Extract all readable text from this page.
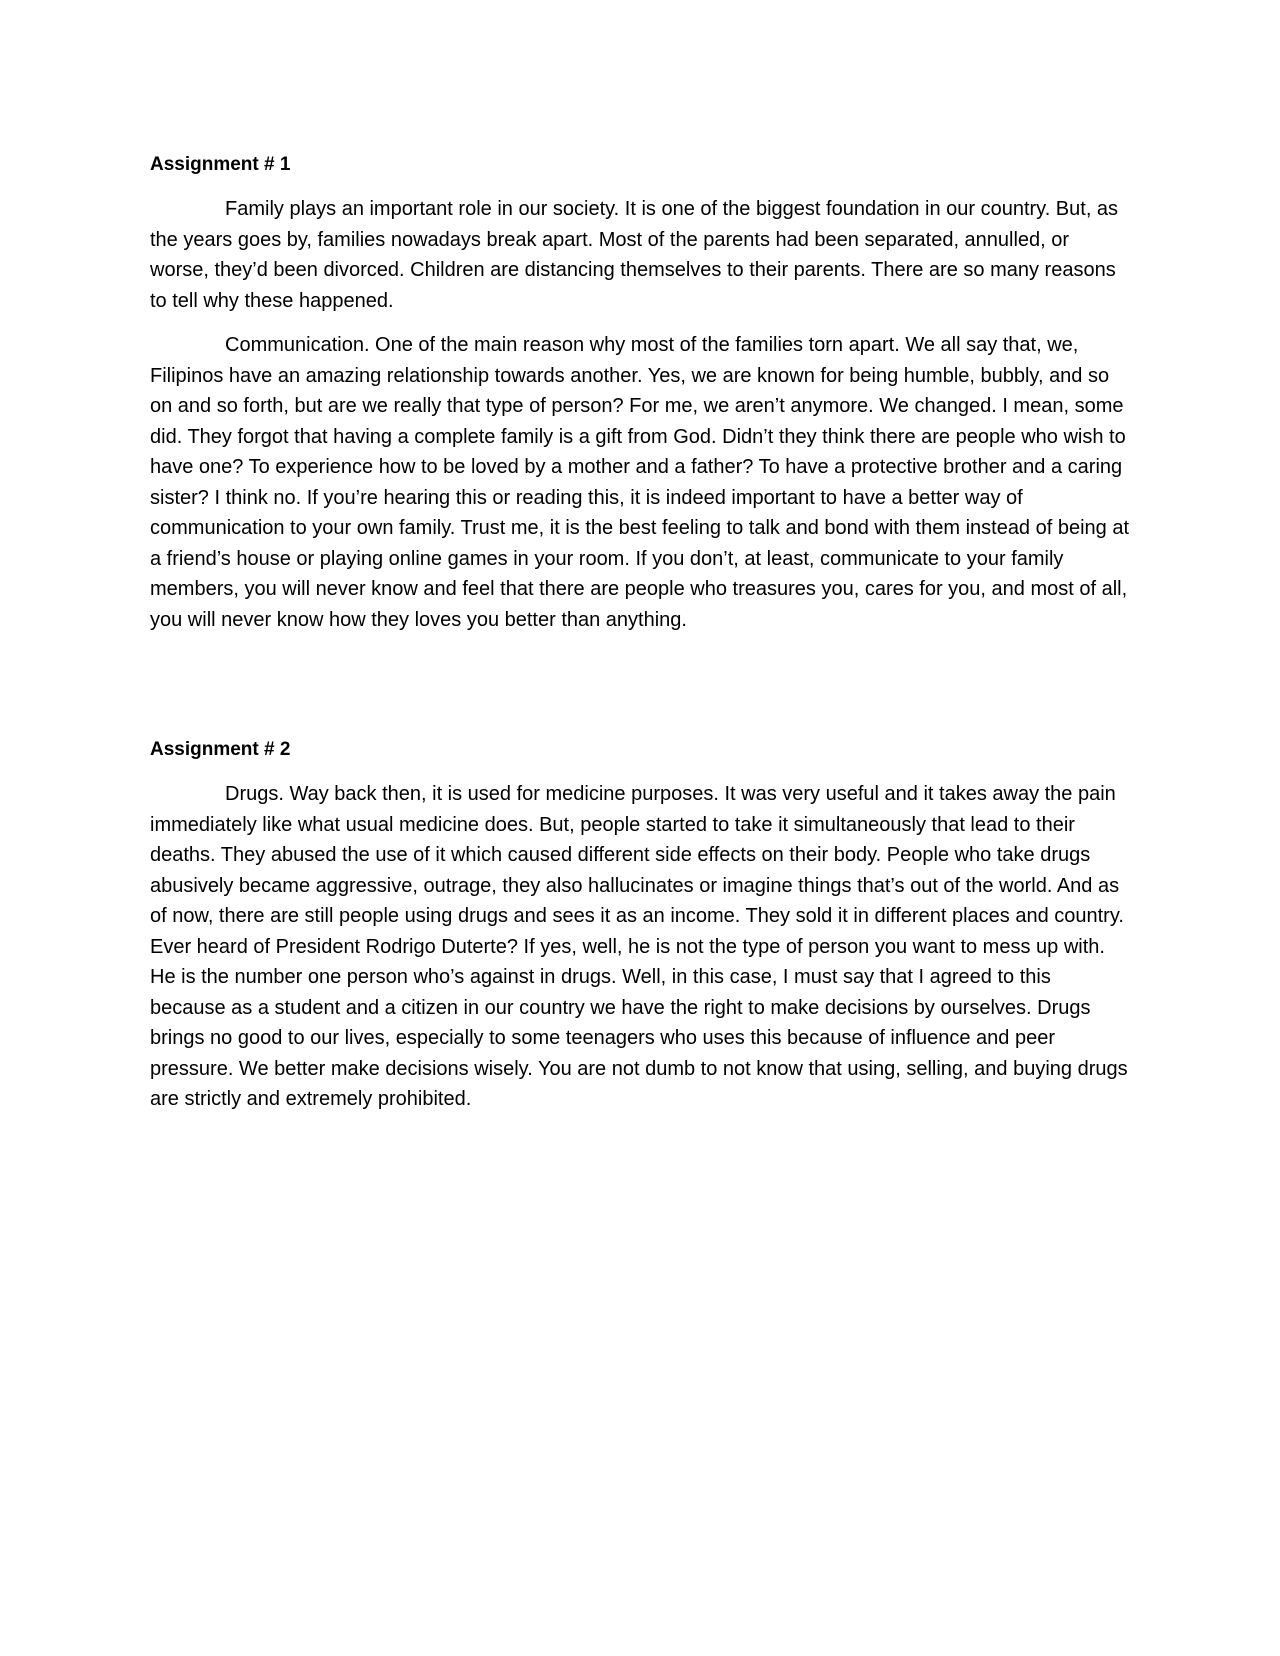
Assignment # 1

Family plays an important role in our society. It is one of the biggest foundation in our country. But, as the years goes by, families nowadays break apart. Most of the parents had been separated, annulled, or worse, they’d been divorced. Children are distancing themselves to their parents. There are so many reasons to tell why these happened.

Communication. One of the main reason why most of the families torn apart. We all say that, we, Filipinos have an amazing relationship towards another. Yes, we are known for being humble, bubbly, and so on and so forth, but are we really that type of person? For me, we aren’t anymore. We changed. I mean, some did. They forgot that having a complete family is a gift from God. Didn’t they think there are people who wish to have one? To experience how to be loved by a mother and a father? To have a protective brother and a caring sister? I think no. If you’re hearing this or reading this, it is indeed important to have a better way of communication to your own family. Trust me, it is the best feeling to talk and bond with them instead of being at a friend’s house or playing online games in your room. If you don’t, at least, communicate to your family members, you will never know and feel that there are people who treasures you, cares for you, and most of all, you will never know how they loves you better than anything.

Assignment # 2

Drugs. Way back then, it is used for medicine purposes. It was very useful and it takes away the pain immediately like what usual medicine does. But, people started to take it simultaneously that lead to their deaths. They abused the use of it which caused different side effects on their body. People who take drugs abusively became aggressive, outrage, they also hallucinates or imagine things that’s out of the world. And as of now, there are still people using drugs and sees it as an income. They sold it in different places and country. Ever heard of President Rodrigo Duterte? If yes, well, he is not the type of person you want to mess up with. He is the number one person who’s against in drugs. Well, in this case, I must say that I agreed to this because as a student and a citizen in our country we have the right to make decisions by ourselves. Drugs brings no good to our lives, especially to some teenagers who uses this because of influence and peer pressure. We better make decisions wisely. You are not dumb to not know that using, selling, and buying drugs are strictly and extremely prohibited.
